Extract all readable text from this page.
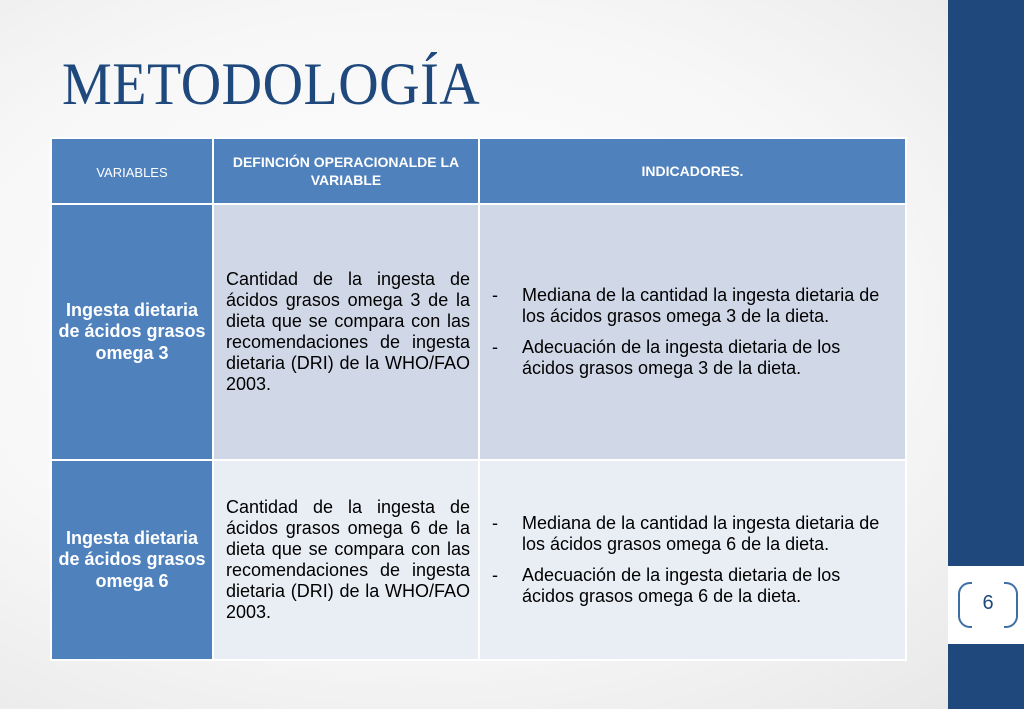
6
METODOLOGÍA
VARIABLES	DEFINCIÓN OPERACIONALDE LA VARIABLE	INDICADORES.
Ingesta dietaria de ácidos grasos omega 3	Cantidad de la ingesta de ácidos grasos omega 3 de la dieta que se compara con las recomendaciones de ingesta dietaria (DRI) de la WHO/FAO 2003.	- Mediana de la cantidad la ingesta dietaria de los ácidos grasos omega 3 de la dieta.
- Adecuación de la ingesta dietaria de los ácidos grasos omega 3 de la dieta.

Ingesta dietaria de ácidos grasos omega 6	Cantidad de la ingesta de ácidos grasos omega 6 de la dieta que se compara con las recomendaciones de ingesta dietaria (DRI) de la WHO/FAO 2003.	- Mediana de la cantidad la ingesta dietaria de los ácidos grasos omega 6 de la dieta.
- Adecuación de la ingesta dietaria de los ácidos grasos omega 6 de la dieta.
